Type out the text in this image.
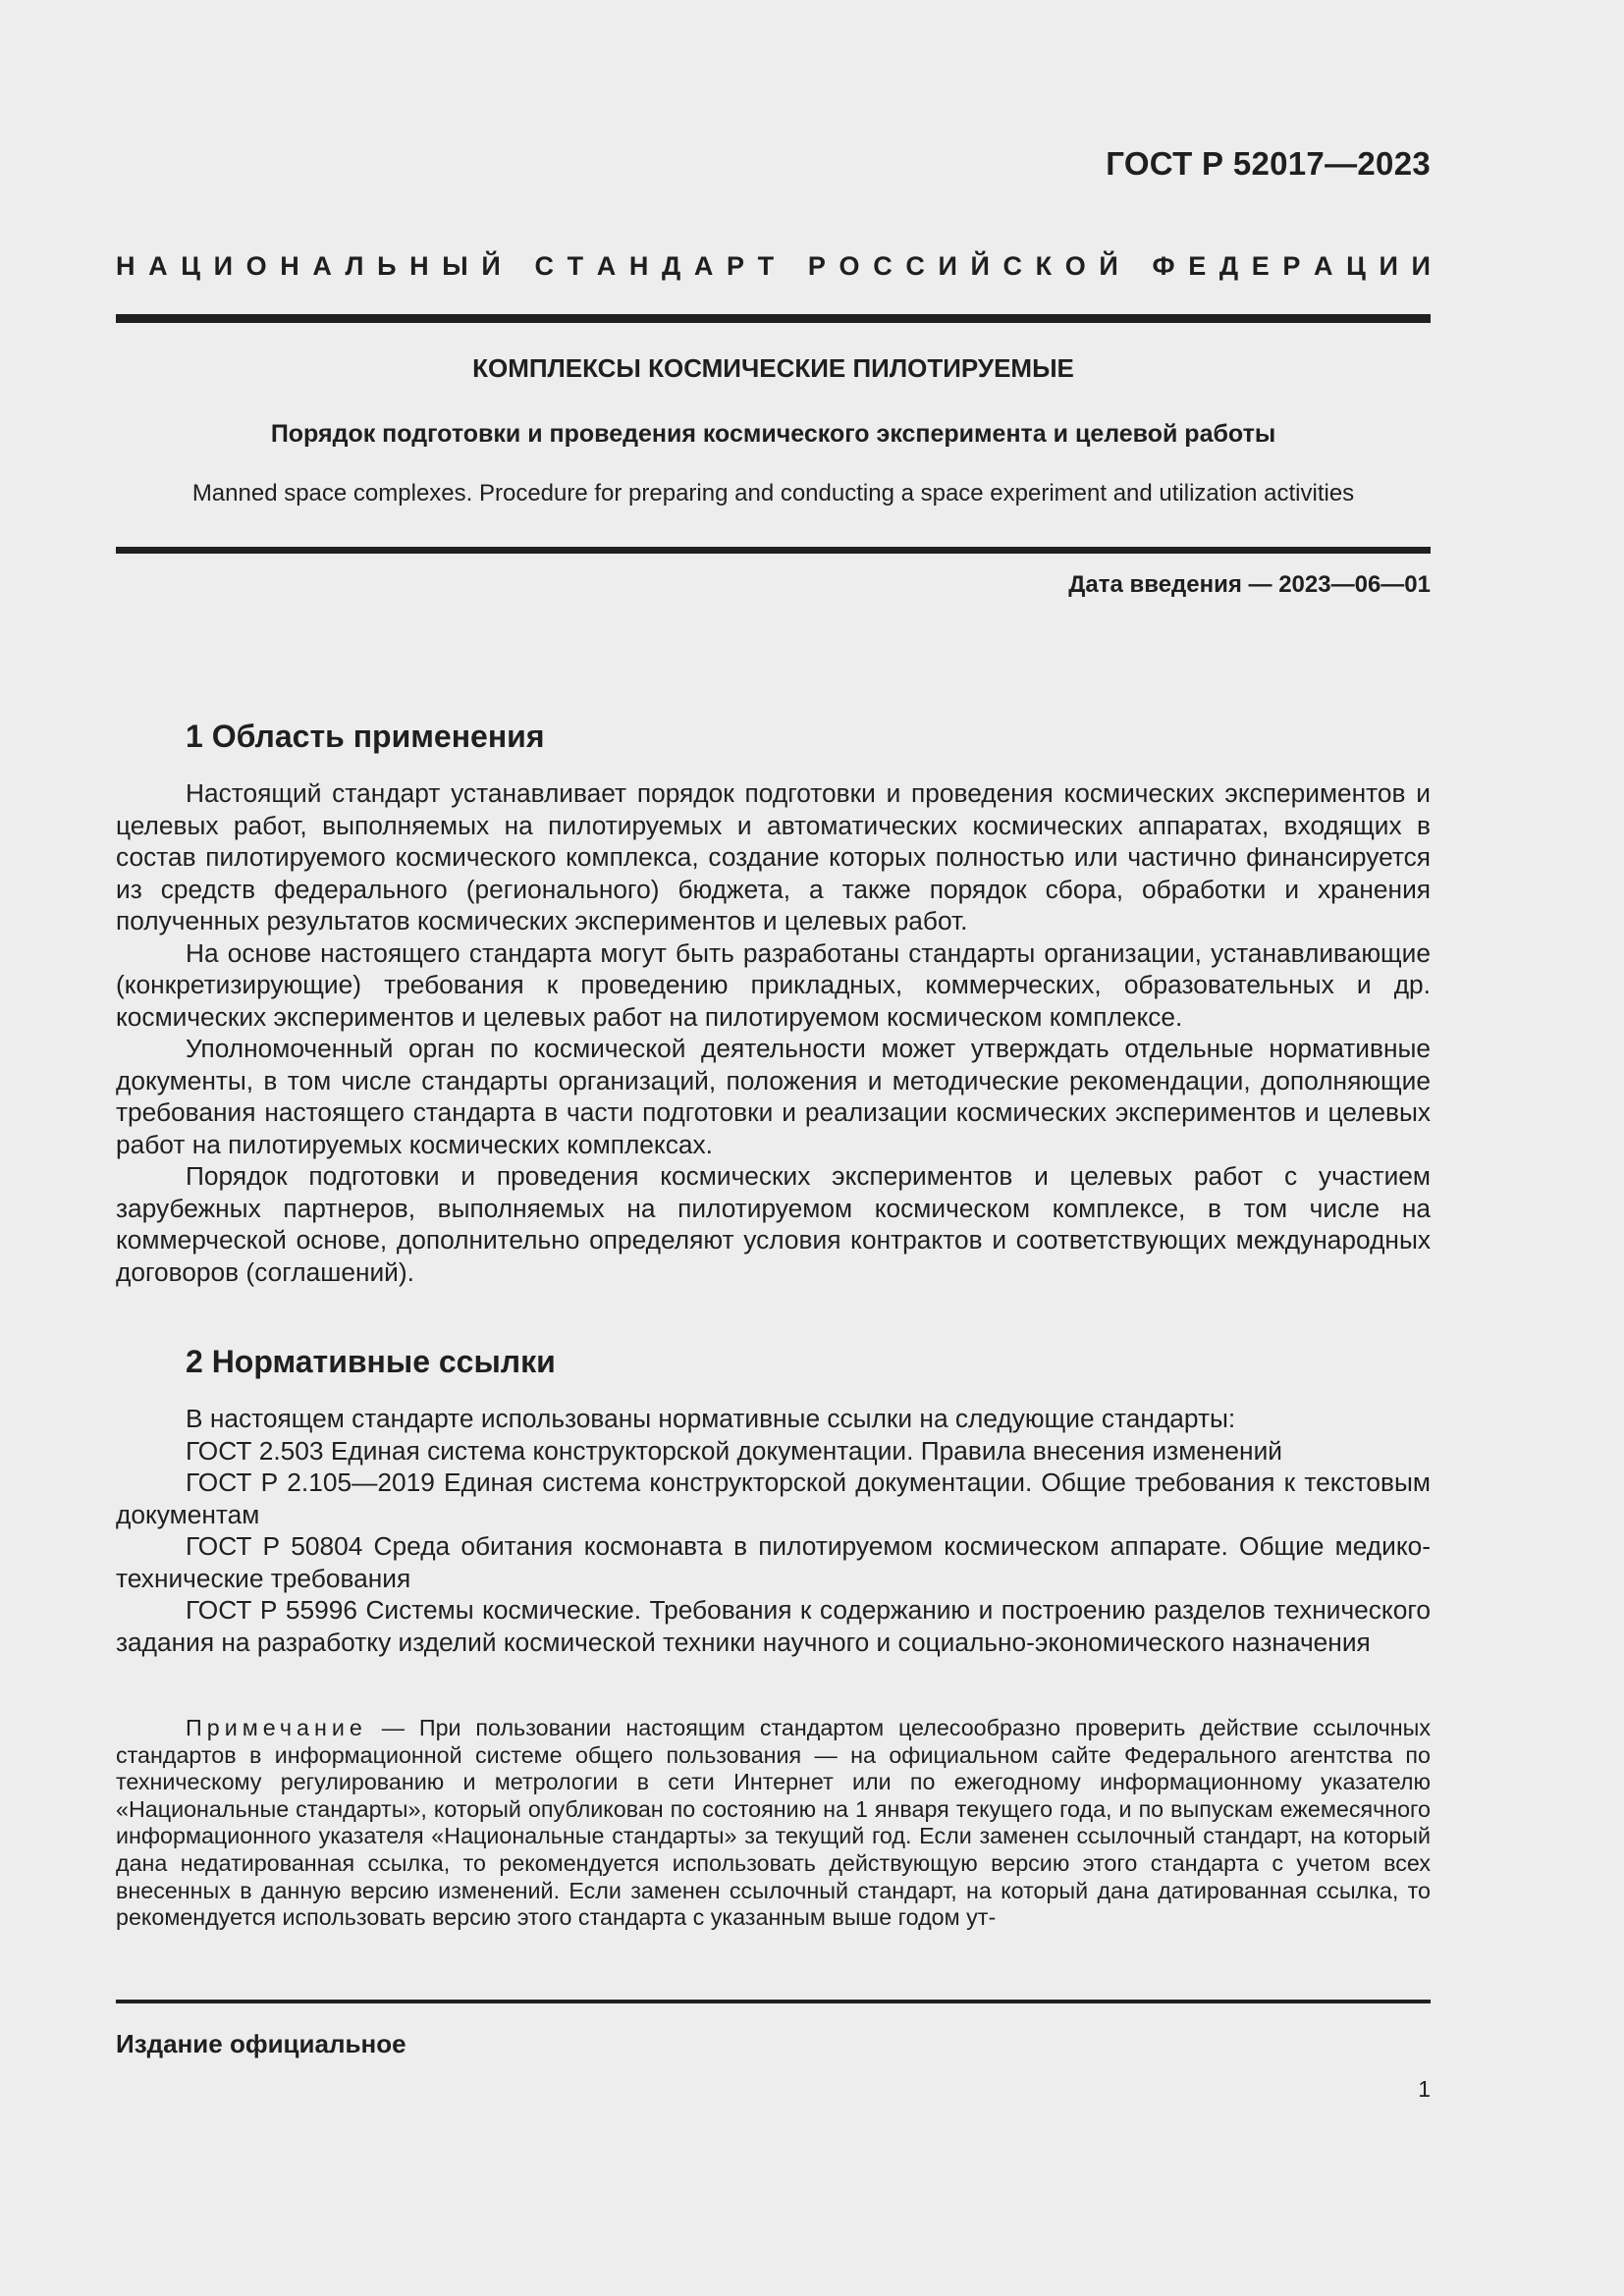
ГОСТ Р 52017—2023
Н А Ц И О Н А Л Ь Н Ы Й
С Т А Н Д А Р Т
Р О С С И Й С К О Й
Ф Е Д Е Р А Ц И И
КОМПЛЕКСЫ КОСМИЧЕСКИЕ ПИЛОТИРУЕМЫЕ
Порядок подготовки и проведения космического эксперимента и целевой работы
Manned space complexes. Procedure for preparing and conducting a space experiment and utilization activities
Дата введения — 2023—06—01
1 Область применения

Настоящий стандарт устанавливает порядок подготовки и проведения космических экспериментов и целевых работ, выполняемых на пилотируемых и автоматических космических аппаратах, входящих в состав пилотируемого космического комплекса, создание которых полностью или частично финансируется из средств федерального (регионального) бюджета, а также порядок сбора, обработки и хранения полученных результатов космических экспериментов и целевых работ.

На основе настоящего стандарта могут быть разработаны стандарты организации, устанавливающие (конкретизирующие) требования к проведению прикладных, коммерческих, образовательных и др. космических экспериментов и целевых работ на пилотируемом космическом комплексе.

Уполномоченный орган по космической деятельности может утверждать отдельные нормативные документы, в том числе стандарты организаций, положения и методические рекомендации, дополняющие требования настоящего стандарта в части подготовки и реализации космических экспериментов и целевых работ на пилотируемых космических комплексах.

Порядок подготовки и проведения космических экспериментов и целевых работ с участием зарубежных партнеров, выполняемых на пилотируемом космическом комплексе, в том числе на коммерческой основе, дополнительно определяют условия контрактов и соответствующих международных договоров (соглашений).

2 Нормативные ссылки

В настоящем стандарте использованы нормативные ссылки на следующие стандарты:

ГОСТ 2.503 Единая система конструкторской документации. Правила внесения изменений

ГОСТ Р 2.105—2019 Единая система конструкторской документации. Общие требования к текстовым документам

ГОСТ Р 50804 Среда обитания космонавта в пилотируемом космическом аппарате. Общие медико-технические требования

ГОСТ Р 55996 Системы космические. Требования к содержанию и построению разделов технического задания на разработку изделий космической техники научного и социально-экономического назначения

Примечание — При пользовании настоящим стандартом целесообразно проверить действие ссылочных стандартов в информационной системе общего пользования — на официальном сайте Федерального агентства по техническому регулированию и метрологии в сети Интернет или по ежегодному информационному указателю «Национальные стандарты», который опубликован по состоянию на 1 января текущего года, и по выпускам ежемесячного информационного указателя «Национальные стандарты» за текущий год. Если заменен ссылочный стандарт, на который дана недатированная ссылка, то рекомендуется использовать действующую версию этого стандарта с учетом всех внесенных в данную версию изменений. Если заменен ссылочный стандарт, на который дана датированная ссылка, то рекомендуется использовать версию этого стандарта с указанным выше годом ут-

Издание официальное
1
